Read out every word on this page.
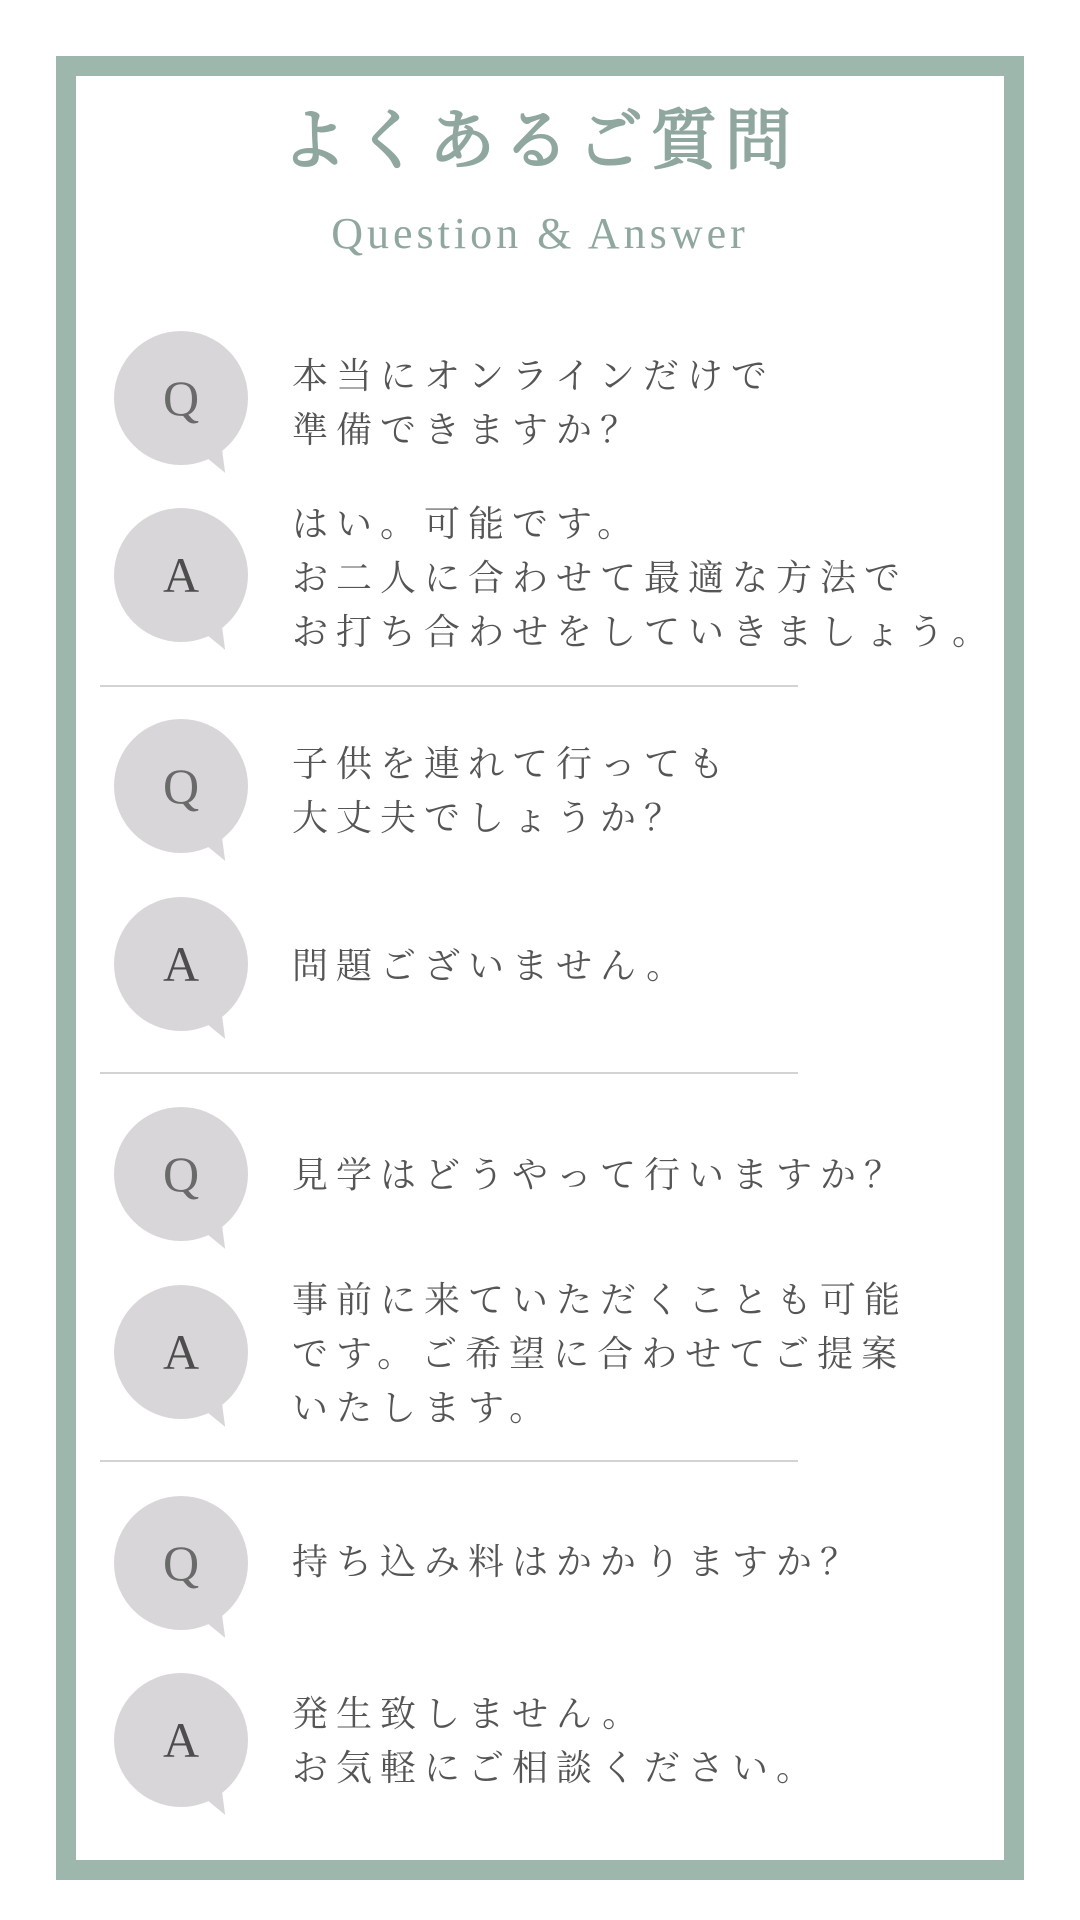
よくあるご質問
Question & Answer
Q	本当にオンラインだけで
準備できますか？
A
はい。可能です。
お二人に合わせて最適な方法で
お打ち合わせをしていきましょう。
Q	子供を連れて行っても
大丈夫でしょうか？
A	問題ございません。
Q	見学はどうやって行いますか？
A
事前に来ていただくことも可能
です。ご希望に合わせてご提案
いたします。
Q	持ち込み料はかかりますか？
A	発生致しません。
お気軽にご相談ください。
